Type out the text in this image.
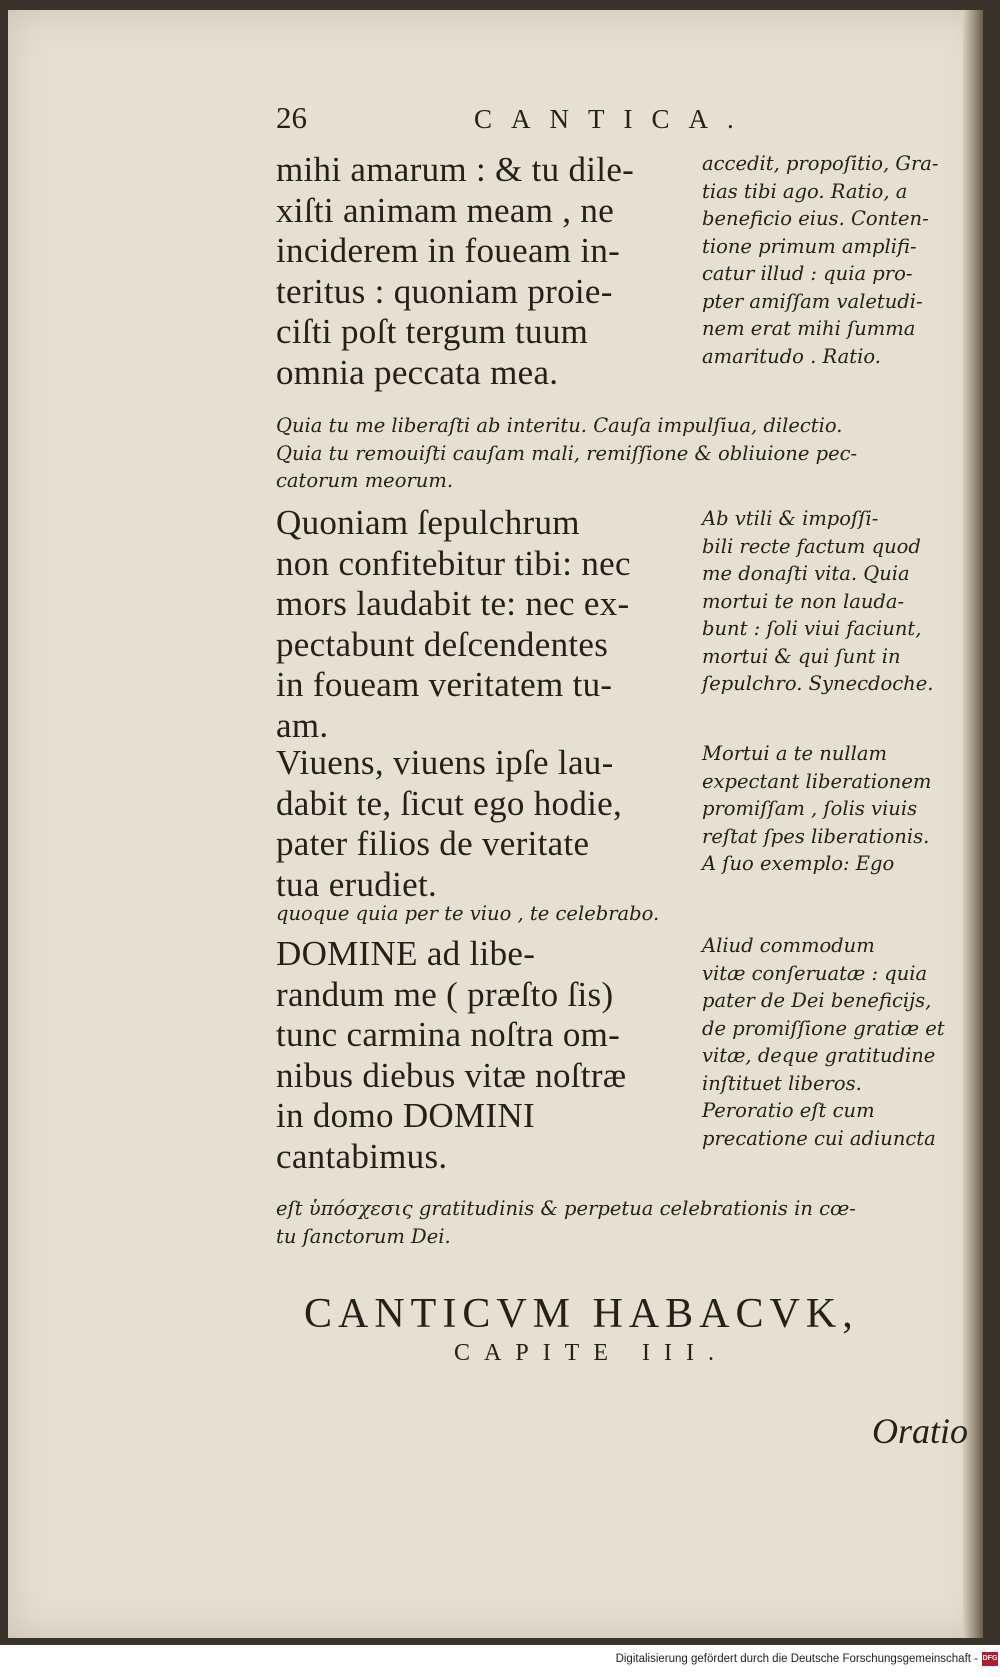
26	CANTICA.
mihi amarum : & tu dile-
xiſti animam meam , ne
inciderem in foueam in-
teritus : quoniam proie-
ciſti poſt tergum tuum
omnia peccata mea.
accedit, propoſitio, Gra-
tias tibi ago. Ratio, a
beneficio eius. Conten-
tione primum amplifi-
catur illud : quia pro-
pter amiſſam valetudi-
nem erat mihi ſumma
amaritudo . Ratio.
Quia tu me liberaſti ab interitu. Cauſa impulſiua, dilectio.
Quia tu remouiſti cauſam mali, remiſſione & obliuione pec-
catorum meorum.
Quoniam ſepulchrum
non confitebitur tibi: nec
mors laudabit te: nec ex-
pectabunt deſcendentes
in foueam veritatem tu-
am.
Ab vtili & impoſſi-
bili recte factum quod
me donaſti vita. Quia
mortui te non lauda-
bunt : ſoli viui faciunt,
mortui & qui ſunt in
ſepulchro. Synecdoche.
Viuens, viuens ipſe lau-
dabit te, ſicut ego hodie,
pater filios de veritate
tua erudiet.
Mortui a te nullam
expectant liberationem
promiſſam , ſolis viuis
reſtat ſpes liberationis.
A ſuo exemplo: Ego
quoque quia per te viuo , te celebrabo.
DOMINE ad libe-
randum me ( præſto ſis)
tunc carmina noſtra om-
nibus diebus vitæ noſtræ
in domo DOMINI
cantabimus.
Aliud commodum
vitæ conſeruatæ : quia
pater de Dei beneficijs,
de promiſſione gratiæ et
vitæ, deque gratitudine
inſtituet liberos.
Peroratio eſt cum
precatione cui adiuncta
eſt ὑπόσχεσις gratitudinis & perpetua celebrationis in cœ-
tu ſanctorum Dei.
CANTICVM HABACVK,
CAPITE III.
Oratio
Digitalisierung gefördert durch die Deutsche Forschungsgemeinschaft - DFG
